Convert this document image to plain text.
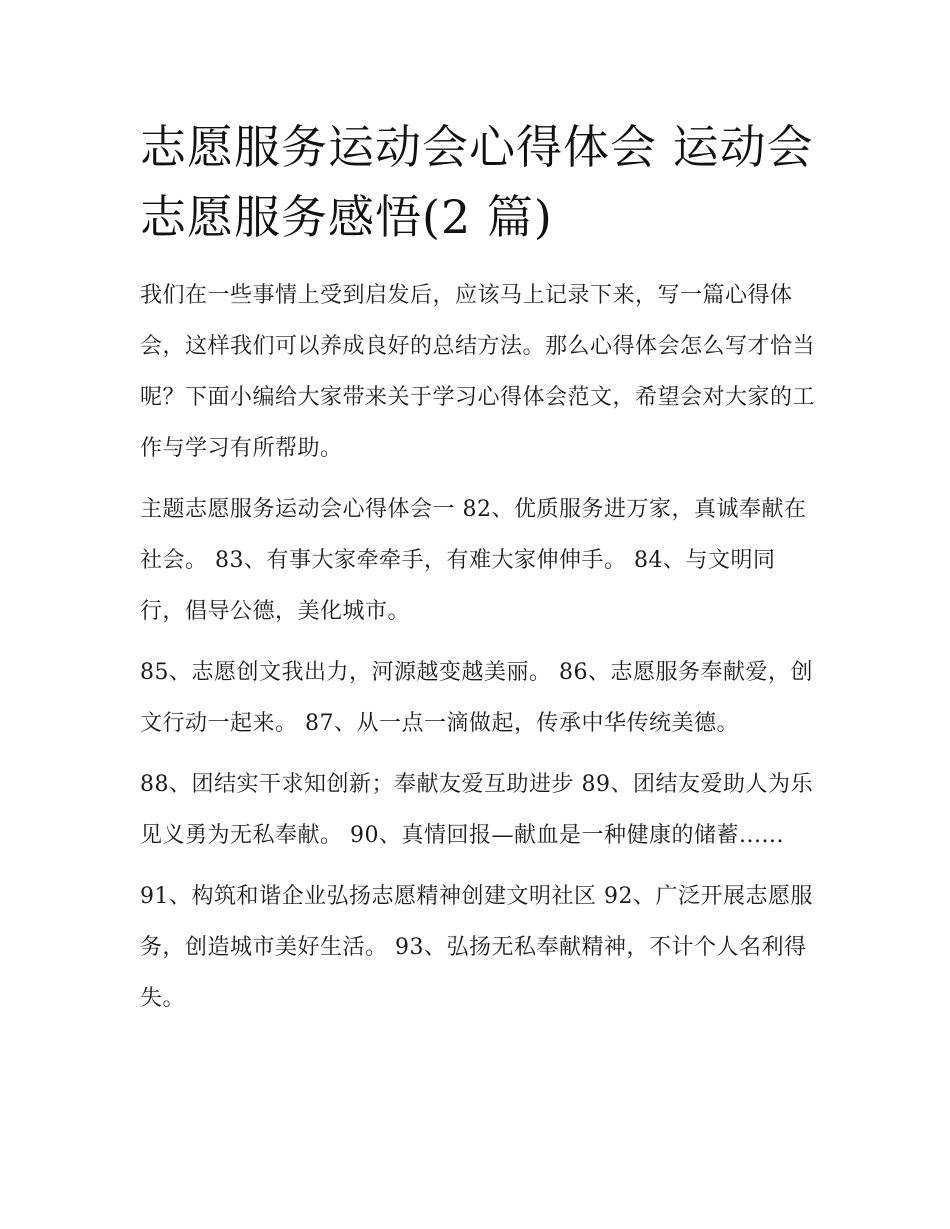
志愿服务运动会心得体会 运动会志愿服务感悟(2 篇)

我们在一些事情上受到启发后，应该马上记录下来，写一篇心得体会，这样我们可以养成良好的总结方法。那么心得体会怎么写才恰当呢？下面小编给大家带来关于学习心得体会范文，希望会对大家的工作与学习有所帮助。

主题志愿服务运动会心得体会一 82、优质服务进万家，真诚奉献在社会。 83、有事大家牵牵手，有难大家伸伸手。 84、与文明同行，倡导公德，美化城市。

85、志愿创文我出力，河源越变越美丽。 86、志愿服务奉献爱，创文行动一起来。 87、从一点一滴做起，传承中华传统美德。

88、团结实干求知创新；奉献友爱互助进步 89、团结友爱助人为乐见义勇为无私奉献。 90、真情回报—献血是一种健康的储蓄......

91、构筑和谐企业弘扬志愿精神创建文明社区 92、广泛开展志愿服务，创造城市美好生活。 93、弘扬无私奉献精神，不计个人名利得失。
